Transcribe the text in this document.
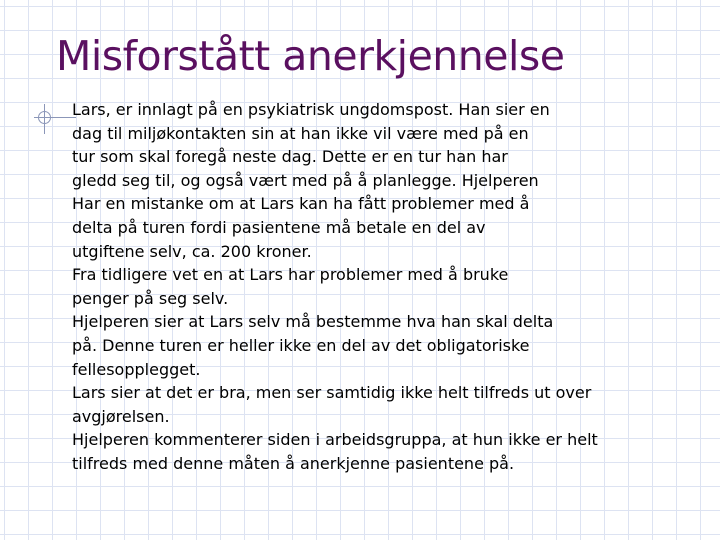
Misforstått anerkjennelse
Lars, er innlagt på en psykiatrisk ungdomspost. Han sier en
dag til miljøkontakten sin at han ikke vil være med på en
tur som skal foregå neste dag. Dette er en tur han har
gledd seg til, og også vært med på å planlegge. Hjelperen
Har en mistanke om at Lars kan ha fått problemer med å
delta på turen fordi pasientene må betale en del av
utgiftene selv, ca. 200 kroner.
Fra tidligere vet en at Lars har problemer med å bruke
penger på seg selv.
Hjelperen sier at Lars selv må bestemme hva han skal delta
på. Denne turen er heller ikke en del av det obligatoriske
fellesopplegget.
Lars sier at det er bra, men ser samtidig ikke helt tilfreds ut over
avgjørelsen.
Hjelperen kommenterer siden i arbeidsgruppa, at hun ikke er helt
tilfreds med denne måten å anerkjenne pasientene på.
